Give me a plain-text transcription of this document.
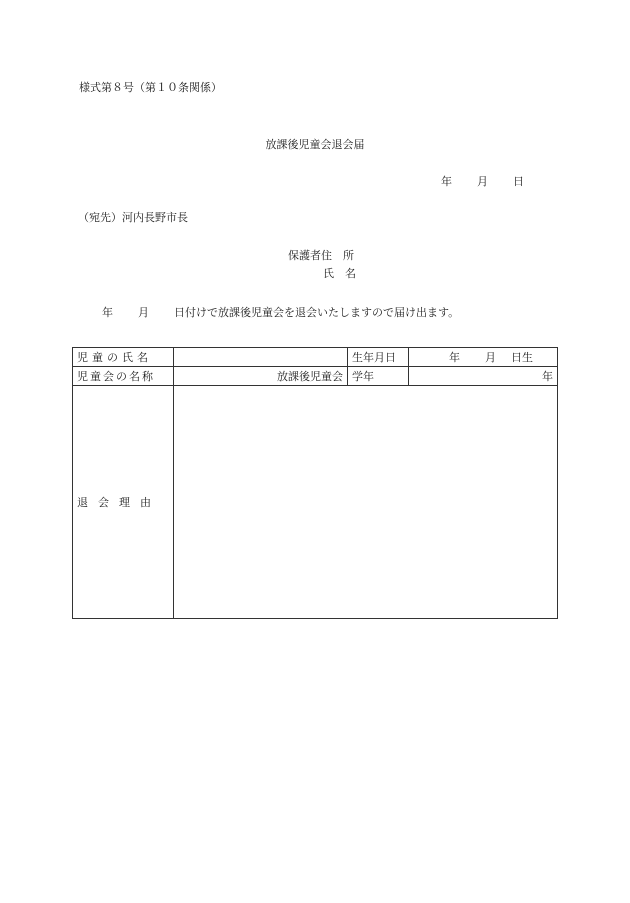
様式第８号（第１０条関係）
放課後児童会退会届
年 月 日
（宛先）河内長野市長
保護者住　所
氏　名
年 月 日付けで放課後児童会を退会いたしますので届け出ます。
児童の氏名		生年月日	年 月 日生
児童会の名称	放課後児童会	学年	年
退会理由			
